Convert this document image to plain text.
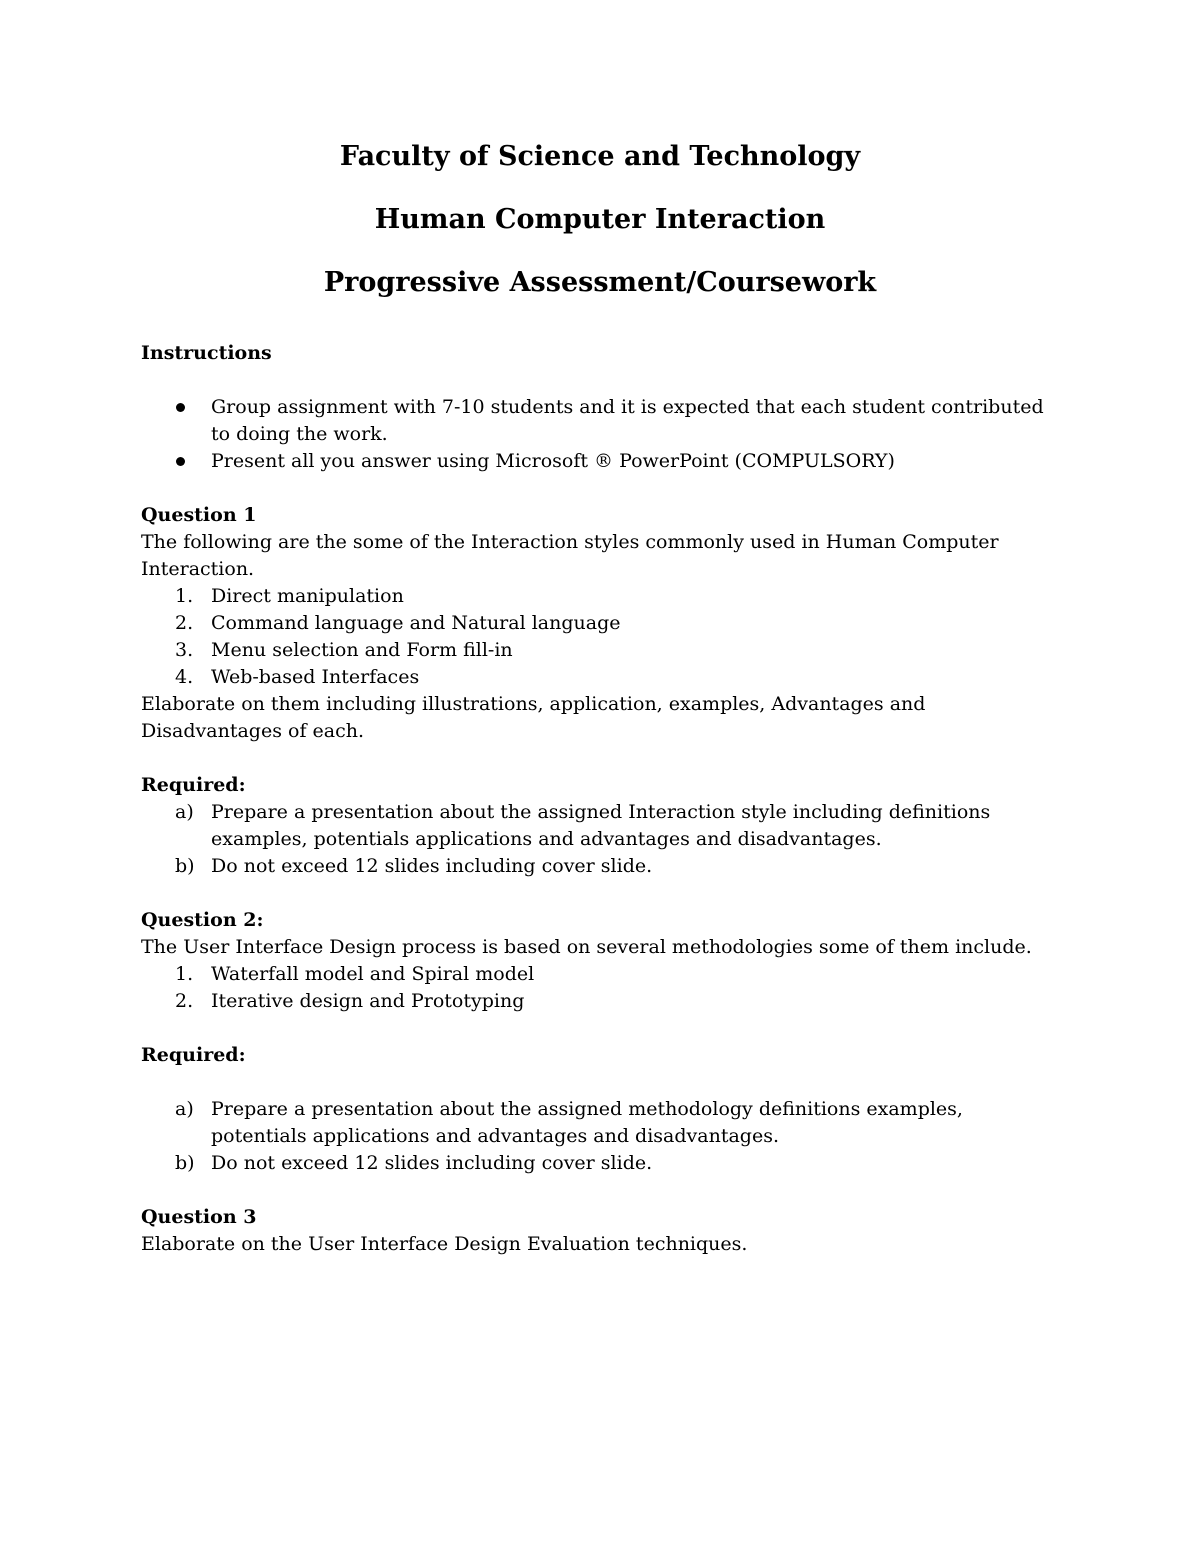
Faculty of Science and Technology
Human Computer Interaction
Progressive Assessment/Coursework

Instructions

Group assignment with 7-10 students and it is expected that each student contributed to doing the work.
Present all you answer using Microsoft ® PowerPoint (COMPULSORY)

Question 1

The following are the some of the Interaction styles commonly used in Human Computer Interaction.

1. Direct manipulation
2. Command language and Natural language
3. Menu selection and Form fill-in
4. Web-based Interfaces

Elaborate on them including illustrations, application, examples, Advantages and Disadvantages of each.

Required:

a) Prepare a presentation about the assigned Interaction style including definitions examples, potentials applications and advantages and disadvantages.
b) Do not exceed 12 slides including cover slide.

Question 2:

The User Interface Design process is based on several methodologies some of them include.

1. Waterfall model and Spiral model
2. Iterative design and Prototyping

Required:

a) Prepare a presentation about the assigned methodology definitions examples, potentials applications and advantages and disadvantages.
b) Do not exceed 12 slides including cover slide.

Question 3

Elaborate on the User Interface Design Evaluation techniques.
